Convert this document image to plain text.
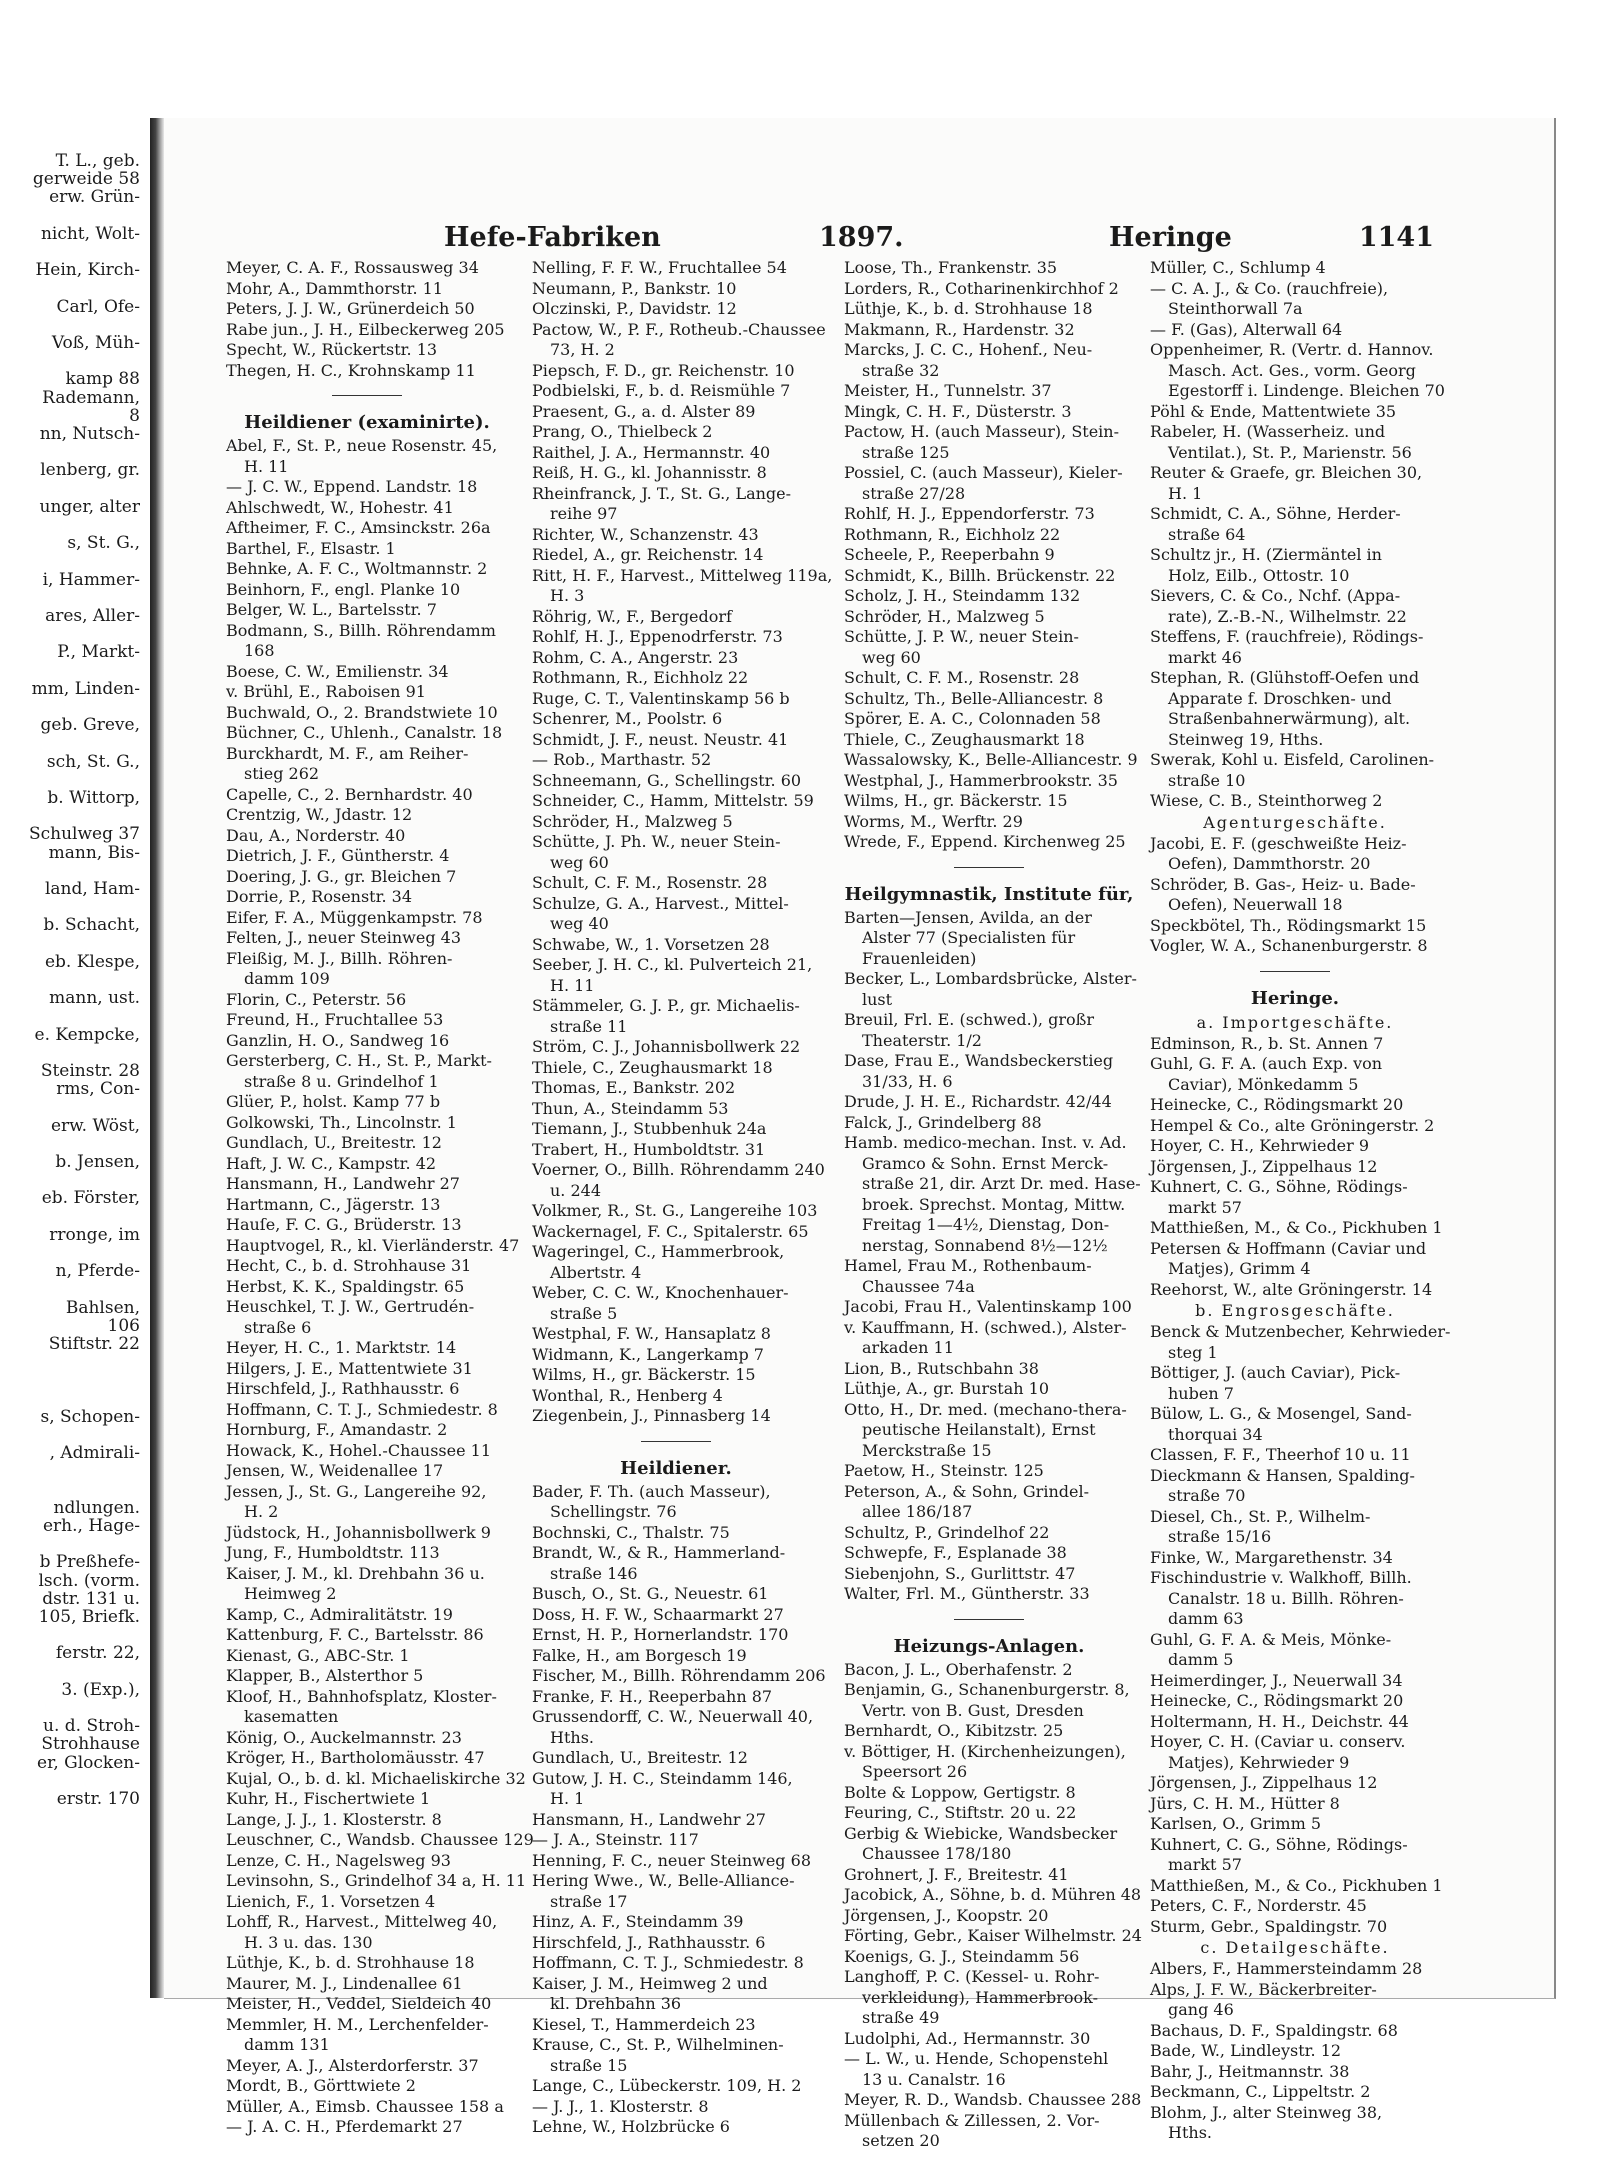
T. L., geb.
gerweide 58
erw. Grün-
nicht, Wolt-
Hein, Kirch-
Carl, Ofe-
Voß, Müh-
kamp 88
Rademann,
8
nn, Nutsch-
lenberg, gr.
unger, alter
s, St. G.,
i, Hammer-
ares, Aller-
P., Markt-
mm, Linden-
geb. Greve,
sch, St. G.,
b. Wittorp,
Schulweg 37
mann, Bis-
land, Ham-
b. Schacht,
eb. Klespe,
mann, ust.
e. Kempcke,
Steinstr. 28
rms, Con-
erw. Wöst,
b. Jensen,
eb. Förster,
rronge, im
n, Pferde-
Bahlsen,
106
Stiftstr. 22
s, Schopen-
, Admirali-
ndlungen.
erh., Hage-
b Preßhefe-
lsch. (vorm.
dstr. 131 u.
105, Briefk.
ferstr. 22,
3. (Exp.),
u. d. Stroh-
Strohhause
er, Glocken-
erstr. 170
Hefe-Fabriken	1897.	Heringe	1141
Meyer, C. A. F., Rossausweg 34
Mohr, A., Dammthorstr. 11
Peters, J. J. W., Grünerdeich 50
Rabe jun., J. H., Eilbeckerweg 205
Specht, W., Rückertstr. 13
Thegen, H. C., Krohnskamp 11
Heildiener (examinirte).
Abel, F., St. P., neue Rosenstr. 45,
H. 11
— J. C. W., Eppend. Landstr. 18
Ahlschwedt, W., Hohestr. 41
Aftheimer, F. C., Amsinckstr. 26a
Barthel, F., Elsastr. 1
Behnke, A. F. C., Woltmannstr. 2
Beinhorn, F., engl. Planke 10
Belger, W. L., Bartelsstr. 7
Bodmann, S., Billh. Röhrendamm
168
Boese, C. W., Emilienstr. 34
v. Brühl, E., Raboisen 91
Buchwald, O., 2. Brandstwiete 10
Büchner, C., Uhlenh., Canalstr. 18
Burckhardt, M. F., am Reiher-
stieg 262
Capelle, C., 2. Bernhardstr. 40
Crentzig, W., Jdastr. 12
Dau, A., Norderstr. 40
Dietrich, J. F., Güntherstr. 4
Doering, J. G., gr. Bleichen 7
Dorrie, P., Rosenstr. 34
Eifer, F. A., Müggenkampstr. 78
Felten, J., neuer Steinweg 43
Fleißig, M. J., Billh. Röhren-
damm 109
Florin, C., Peterstr. 56
Freund, H., Fruchtallee 53
Ganzlin, H. O., Sandweg 16
Gersterberg, C. H., St. P., Markt-
straße 8 u. Grindelhof 1
Glüer, P., holst. Kamp 77 b
Golkowski, Th., Lincolnstr. 1
Gundlach, U., Breitestr. 12
Haft, J. W. C., Kampstr. 42
Hansmann, H., Landwehr 27
Hartmann, C., Jägerstr. 13
Hauſe, F. C. G., Brüderstr. 13
Hauptvogel, R., kl. Vierländerstr. 47
Hecht, C., b. d. Strohhause 31
Herbst, K. K., Spaldingstr. 65
Heuschkel, T. J. W., Gertrudén-
straße 6
Heyer, H. C., 1. Marktstr. 14
Hilgers, J. E., Mattentwiete 31
Hirschfeld, J., Rathhausstr. 6
Hoffmann, C. T. J., Schmiedestr. 8
Hornburg, F., Amandastr. 2
Howack, K., Hohel.-Chaussee 11
Jensen, W., Weidenallee 17
Jessen, J., St. G., Langereihe 92,
H. 2
Jüdstock, H., Johannisbollwerk 9
Jung, F., Humboldtstr. 113
Kaiser, J. M., kl. Drehbahn 36 u.
Heimweg 2
Kamp, C., Admiralitätstr. 19
Kattenburg, F. C., Bartelsstr. 86
Kienast, G., ABC-Str. 1
Klapper, B., Alsterthor 5
Kloof, H., Bahnhofsplatz, Kloster-
kasematten
König, O., Auckelmannstr. 23
Kröger, H., Bartholomäusstr. 47
Kujal, O., b. d. kl. Michaeliskirche 32
Kuhr, H., Fischertwiete 1
Lange, J. J., 1. Klosterstr. 8
Leuschner, C., Wandsb. Chaussee 129
Lenze, C. H., Nagelsweg 93
Levinsohn, S., Grindelhof 34 a, H. 11
Lienich, F., 1. Vorsetzen 4
Lohff, R., Harvest., Mittelweg 40,
H. 3 u. das. 130
Lüthje, K., b. d. Strohhause 18
Maurer, M. J., Lindenallee 61
Meister, H., Veddel, Sieldeich 40
Memmler, H. M., Lerchenfelder-
damm 131
Meyer, A. J., Alsterdorferstr. 37
Mordt, B., Görttwiete 2
Müller, A., Eimsb. Chaussee 158 a
— J. A. C. H., Pferdemarkt 27
Nelling, F. F. W., Fruchtallee 54
Neumann, P., Bankstr. 10
Olczinski, P., Davidstr. 12
Pactow, W., P. F., Rotheub.-Chaussee
73, H. 2
Piepsch, F. D., gr. Reichenstr. 10
Podbielski, F., b. d. Reismühle 7
Praesent, G., a. d. Alster 89
Prang, O., Thielbeck 2
Raithel, J. A., Hermannstr. 40
Reiß, H. G., kl. Johannisstr. 8
Rheinfranck, J. T., St. G., Lange-
reihe 97
Richter, W., Schanzenstr. 43
Riedel, A., gr. Reichenstr. 14
Ritt, H. F., Harvest., Mittelweg 119a,
H. 3
Röhrig, W., F., Bergedorf
Rohlf, H. J., Eppenodrferstr. 73
Rohm, C. A., Angerstr. 23
Rothmann, R., Eichholz 22
Ruge, C. T., Valentinskamp 56 b
Schenrer, M., Poolstr. 6
Schmidt, J. F., neust. Neustr. 41
— Rob., Marthastr. 52
Schneemann, G., Schellingstr. 60
Schneider, C., Hamm, Mittelstr. 59
Schröder, H., Malzweg 5
Schütte, J. Ph. W., neuer Stein-
weg 60
Schult, C. F. M., Rosenstr. 28
Schulze, G. A., Harvest., Mittel-
weg 40
Schwabe, W., 1. Vorsetzen 28
Seeber, J. H. C., kl. Pulverteich 21,
H. 11
Stämmeler, G. J. P., gr. Michaelis-
straße 11
Ström, C. J., Johannisbollwerk 22
Thiele, C., Zeughausmarkt 18
Thomas, E., Bankstr. 202
Thun, A., Steindamm 53
Tiemann, J., Stubbenhuk 24a
Trabert, H., Humboldtstr. 31
Voerner, O., Billh. Röhrendamm 240
u. 244
Volkmer, R., St. G., Langereihe 103
Wackernagel, F. C., Spitalerstr. 65
Wageringel, C., Hammerbrook,
Albertstr. 4
Weber, C. C. W., Knochenhauer-
straße 5
Westphal, F. W., Hansaplatz 8
Widmann, K., Langerkamp 7
Wilms, H., gr. Bäckerstr. 15
Wonthal, R., Henberg 4
Ziegenbein, J., Pinnasberg 14
Heildiener.
Bader, F. Th. (auch Masseur),
Schellingstr. 76
Bochnski, C., Thalstr. 75
Brandt, W., & R., Hammerland-
straße 146
Busch, O., St. G., Neuestr. 61
Doss, H. F. W., Schaarmarkt 27
Ernst, H. P., Hornerlandstr. 170
Falke, H., am Borgesch 19
Fischer, M., Billh. Röhrendamm 206
Franke, F. H., Reeperbahn 87
Grussendorff, C. W., Neuerwall 40,
Hths.
Gundlach, U., Breitestr. 12
Gutow, J. H. C., Steindamm 146,
H. 1
Hansmann, H., Landwehr 27
— J. A., Steinstr. 117
Henning, F. C., neuer Steinweg 68
Hering Wwe., W., Belle-Alliance-
straße 17
Hinz, A. F., Steindamm 39
Hirschfeld, J., Rathhausstr. 6
Hoffmann, C. T. J., Schmiedestr. 8
Kaiser, J. M., Heimweg 2 und
kl. Drehbahn 36
Kiesel, T., Hammerdeich 23
Krause, C., St. P., Wilhelminen-
straße 15
Lange, C., Lübeckerstr. 109, H. 2
— J. J., 1. Klosterstr. 8
Lehne, W., Holzbrücke 6
Loose, Th., Frankenstr. 35
Lorders, R., Cotharinenkirchhof 2
Lüthje, K., b. d. Strohhause 18
Makmann, R., Hardenstr. 32
Marcks, J. C. C., Hohenf., Neu-
straße 32
Meister, H., Tunnelstr. 37
Mingk, C. H. F., Düsterstr. 3
Pactow, H. (auch Masseur), Stein-
straße 125
Possiel, C. (auch Masseur), Kieler-
straße 27/28
Rohlf, H. J., Eppendorferstr. 73
Rothmann, R., Eichholz 22
Scheele, P., Reeperbahn 9
Schmidt, K., Billh. Brückenstr. 22
Scholz, J. H., Steindamm 132
Schröder, H., Malzweg 5
Schütte, J. P. W., neuer Stein-
weg 60
Schult, C. F. M., Rosenstr. 28
Schultz, Th., Belle-Alliancestr. 8
Spörer, E. A. C., Colonnaden 58
Thiele, C., Zeughausmarkt 18
Wassalowsky, K., Belle-Alliancestr. 9
Westphal, J., Hammerbrookstr. 35
Wilms, H., gr. Bäckerstr. 15
Worms, M., Werftr. 29
Wrede, F., Eppend. Kirchenweg 25
Heilgymnastik, Institute für,
Barten—Jensen, Avilda, an der
Alster 77 (Specialisten für
Frauenleiden)
Becker, L., Lombardsbrücke, Alster-
lust
Breuil, Frl. E. (schwed.), großr
Theaterstr. 1/2
Dase, Frau E., Wandsbeckerstieg
31/33, H. 6
Drude, J. H. E., Richardstr. 42/44
Falck, J., Grindelberg 88
Hamb. medico-mechan. Inst. v. Ad.
Gramco & Sohn. Ernst Merck-
straße 21, dir. Arzt Dr. med. Hase-
broek. Sprechst. Montag, Mittw.
Freitag 1—4½, Dienstag, Don-
nerstag, Sonnabend 8½—12½
Hamel, Frau M., Rothenbaum-
Chaussee 74a
Jacobi, Frau H., Valentinskamp 100
v. Kauffmann, H. (schwed.), Alster-
arkaden 11
Lion, B., Rutschbahn 38
Lüthje, A., gr. Burstah 10
Otto, H., Dr. med. (mechano-thera-
peutische Heilanstalt), Ernst
Merckstraße 15
Paetow, H., Steinstr. 125
Peterson, A., & Sohn, Grindel-
allee 186/187
Schultz, P., Grindelhof 22
Schwepfe, F., Esplanade 38
Siebenjohn, S., Gurlittstr. 47
Walter, Frl. M., Güntherstr. 33
Heizungs-Anlagen.
Bacon, J. L., Oberhafenstr. 2
Benjamin, G., Schanenburgerstr. 8,
Vertr. von B. Gust, Dresden
Bernhardt, O., Kibitzstr. 25
v. Böttiger, H. (Kirchenheizungen),
Speersort 26
Bolte & Loppow, Gertigstr. 8
Feuring, C., Stiftstr. 20 u. 22
Gerbig & Wiebicke, Wandsbecker
Chaussee 178/180
Grohnert, J. F., Breitestr. 41
Jacobick, A., Söhne, b. d. Mühren 48
Jörgensen, J., Koopstr. 20
Förting, Gebr., Kaiser Wilhelmstr. 24
Koenigs, G. J., Steindamm 56
Langhoff, P. C. (Kessel- u. Rohr-
verkleidung), Hammerbrook-
straße 49
Ludolphi, Ad., Hermannstr. 30
— L. W., u. Hende, Schopenstehl
13 u. Canalstr. 16
Meyer, R. D., Wandsb. Chaussee 288
Müllenbach & Zillessen, 2. Vor-
setzen 20
Müller, C., Schlump 4
— C. A. J., & Co. (rauchfreie),
Steinthorwall 7a
— F. (Gas), Alterwall 64
Oppenheimer, R. (Vertr. d. Hannov.
Masch. Act. Ges., vorm. Georg
Egestorff i. Lindenge. Bleichen 70
Pöhl & Ende, Mattentwiete 35
Rabeler, H. (Wasserheiz. und
Ventilat.), St. P., Marienstr. 56
Reuter & Graefe, gr. Bleichen 30,
H. 1
Schmidt, C. A., Söhne, Herder-
straße 64
Schultz jr., H. (Ziermäntel in
Holz, Eilb., Ottostr. 10
Sievers, C. & Co., Nchf. (Appa-
rate), Z.-B.-N., Wilhelmstr. 22
Steffens, F. (rauchfreie), Rödings-
markt 46
Stephan, R. (Glühstoff-Oefen und
Apparate f. Droschken- und
Straßenbahnerwärmung), alt.
Steinweg 19, Hths.
Swerak, Kohl u. Eisfeld, Carolinen-
straße 10
Wiese, C. B., Steinthorweg 2
Agenturgeschäfte.
Jacobi, E. F. (geschweißte Heiz-
Oefen), Dammthorstr. 20
Schröder, B. Gas-, Heiz- u. Bade-
Oefen), Neuerwall 18
Speckbötel, Th., Rödingsmarkt 15
Vogler, W. A., Schanenburgerstr. 8
Heringe.
a. Importgeschäfte.
Edminson, R., b. St. Annen 7
Guhl, G. F. A. (auch Exp. von
Caviar), Mönkedamm 5
Heinecke, C., Rödingsmarkt 20
Hempel & Co., alte Gröningerstr. 2
Hoyer, C. H., Kehrwieder 9
Jörgensen, J., Zippelhaus 12
Kuhnert, C. G., Söhne, Rödings-
markt 57
Matthießen, M., & Co., Pickhuben 1
Petersen & Hoffmann (Caviar und
Matjes), Grimm 4
Reehorst, W., alte Gröningerstr. 14
b. Engrosgeschäfte.
Benck & Mutzenbecher, Kehrwieder-
steg 1
Böttiger, J. (auch Caviar), Pick-
huben 7
Bülow, L. G., & Mosengel, Sand-
thorquai 34
Classen, F. F., Theerhof 10 u. 11
Dieckmann & Hansen, Spalding-
straße 70
Diesel, Ch., St. P., Wilhelm-
straße 15/16
Finke, W., Margarethenstr. 34
Fischindustrie v. Walkhoff, Billh.
Canalstr. 18 u. Billh. Röhren-
damm 63
Guhl, G. F. A. & Meis, Mönke-
damm 5
Heimerdinger, J., Neuerwall 34
Heinecke, C., Rödingsmarkt 20
Holtermann, H. H., Deichstr. 44
Hoyer, C. H. (Caviar u. conserv.
Matjes), Kehrwieder 9
Jörgensen, J., Zippelhaus 12
Jürs, C. H. M., Hütter 8
Karlsen, O., Grimm 5
Kuhnert, C. G., Söhne, Rödings-
markt 57
Matthießen, M., & Co., Pickhuben 1
Peters, C. F., Norderstr. 45
Sturm, Gebr., Spaldingstr. 70
c. Detailgeschäfte.
Albers, F., Hammersteindamm 28
Alps, J. F. W., Bäckerbreiter-
gang 46
Bachaus, D. F., Spaldingstr. 68
Bade, W., Lindleystr. 12
Bahr, J., Heitmannstr. 38
Beckmann, C., Lippeltstr. 2
Blohm, J., alter Steinweg 38,
Hths.
